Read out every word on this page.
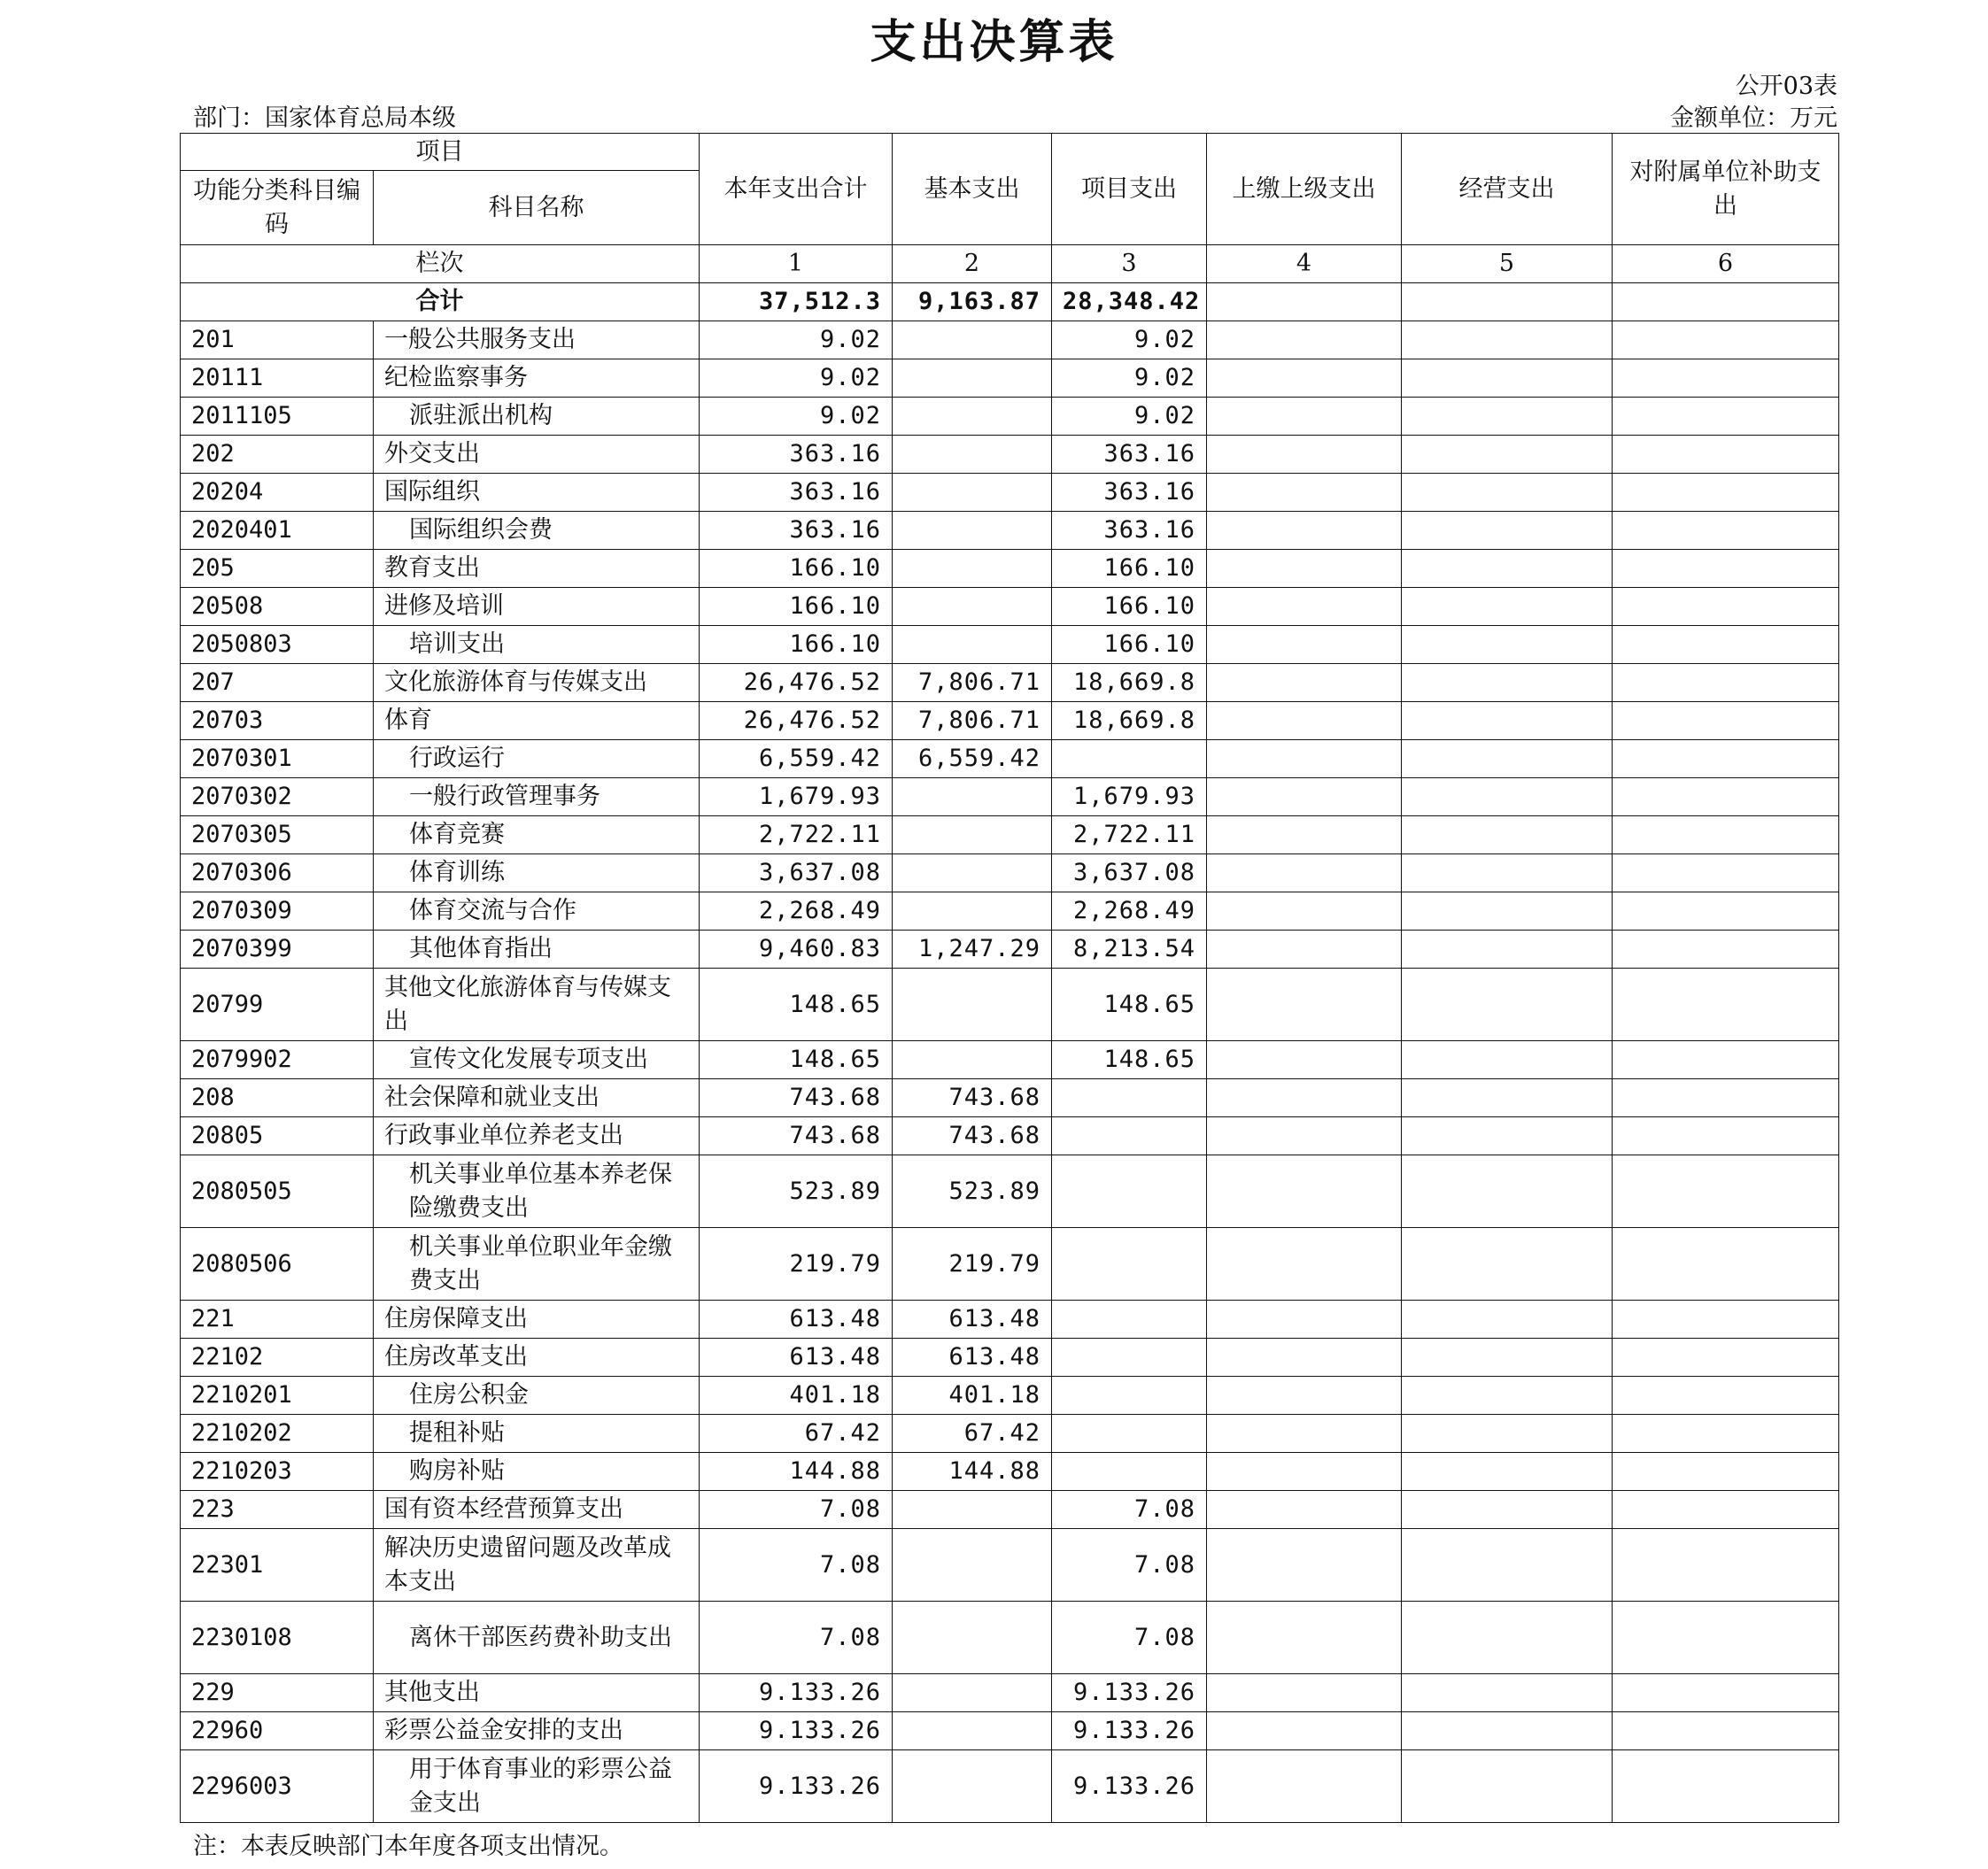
支出决算表
公开03表
部门：国家体育总局本级	金额单位：万元
项目		本年支出合计	基本支出	项目支出	上缴上级支出	经营支出	对附属单位补助支出
功能分类科目编码	科目名称						
栏次		1	2	3	4	5	6
合计		37,512.3	9,163.87	28,348.42			
201	一般公共服务支出	9.02		9.02			
20111	纪检监察事务	9.02		9.02			
2011105	派驻派出机构	9.02		9.02			
202	外交支出	363.16		363.16			
20204	国际组织	363.16		363.16			
2020401	国际组织会费	363.16		363.16			
205	教育支出	166.10		166.10			
20508	进修及培训	166.10		166.10			
2050803	培训支出	166.10		166.10			
207	文化旅游体育与传媒支出	26,476.52	7,806.71	18,669.8			
20703	体育	26,476.52	7,806.71	18,669.8			
2070301	行政运行	6,559.42	6,559.42				
2070302	一般行政管理事务	1,679.93		1,679.93			
2070305	体育竞赛	2,722.11		2,722.11			
2070306	体育训练	3,637.08		3,637.08			
2070309	体育交流与合作	2,268.49		2,268.49			
2070399	其他体育指出	9,460.83	1,247.29	8,213.54			
20799	其他文化旅游体育与传媒支出	148.65		148.65			
2079902	宣传文化发展专项支出	148.65		148.65			
208	社会保障和就业支出	743.68	743.68				
20805	行政事业单位养老支出	743.68	743.68				
2080505	机关事业单位基本养老保险缴费支出	523.89	523.89				
2080506	机关事业单位职业年金缴费支出	219.79	219.79				
221	住房保障支出	613.48	613.48				
22102	住房改革支出	613.48	613.48				
2210201	住房公积金	401.18	401.18				
2210202	提租补贴	67.42	67.42				
2210203	购房补贴	144.88	144.88				
223	国有资本经营预算支出	7.08		7.08			
22301	解决历史遗留问题及改革成本支出	7.08		7.08			
2230108	离休干部医药费补助支出	7.08		7.08			
229	其他支出	9.133.26		9.133.26			
22960	彩票公益金安排的支出	9.133.26		9.133.26			
2296003	用于体育事业的彩票公益金支出	9.133.26		9.133.26			
注：本表反映部门本年度各项支出情况。
